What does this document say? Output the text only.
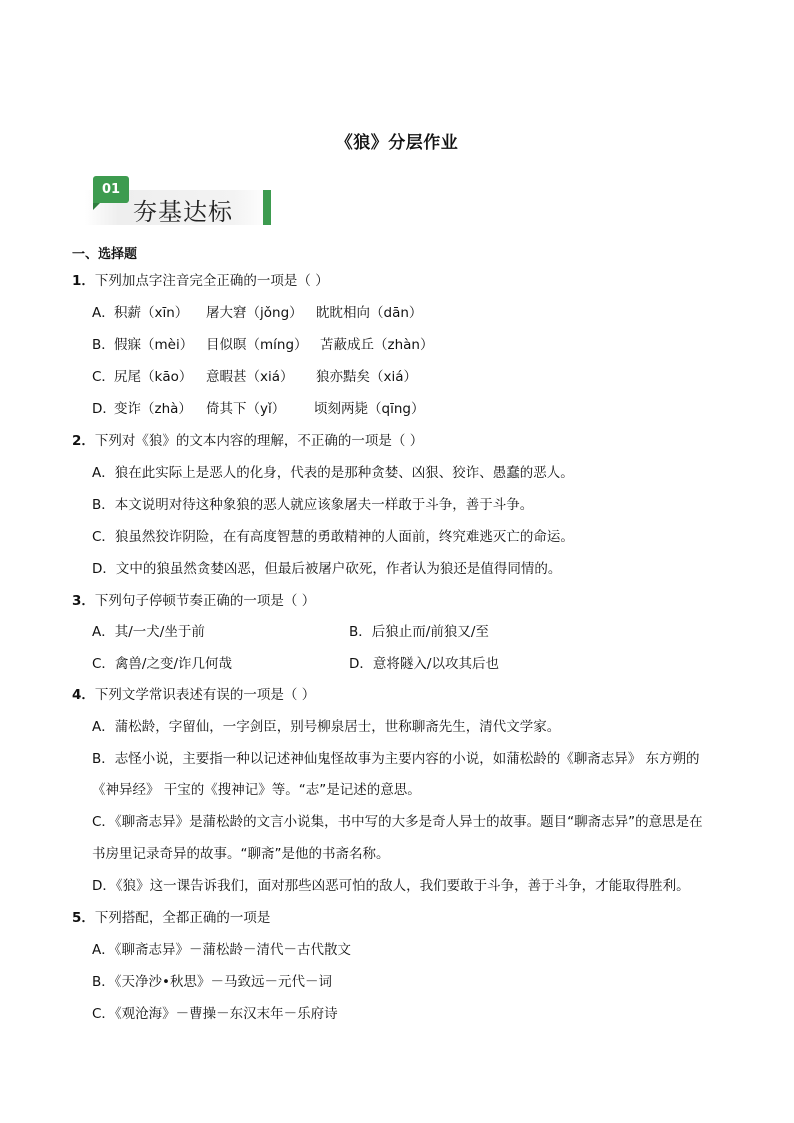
《狼》分层作业
01
夯基达标
一、选择题
1．下列加点字注音完全正确的一项是（ ）
A． 积薪（xīn） 屠大窘（jǒng） 眈眈相向（dān）
B． 假寐（mèi） 目似暝（míng） 苫蔽成丘（zhàn）
C． 尻尾（kāo） 意暇甚（xiá） 狼亦黠矣（xiá）
D．
变诈（zhà） 倚其下（yǐ） 顷刻两毙（qīng）
2．下列对《狼》的文本内容的理解，不正确的一项是（ ）
A．狼在此实际上是恶人的化身，代表的是那种贪婪、凶狠、狡诈、愚蠢的恶人。
B．本文说明对待这种象狼的恶人就应该象屠夫一样敢于斗争，善于斗争。
C．狼虽然狡诈阴险，在有高度智慧的勇敢精神的人面前，终究难逃灭亡的命运。
D．文中的狼虽然贪婪凶恶，但最后被屠户砍死，作者认为狼还是值得同情的。
3．下列句子停顿节奏正确的一项是（ ）
A．其/一犬/坐于前	B．后狼止而/前狼又/至
C．禽兽/之变/诈几何哉	D．意将隧入/以攻其后也
4．下列文学常识表述有误的一项是（ ）
A．蒲松龄，字留仙，一字剑臣，别号柳泉居士，世称聊斋先生，清代文学家。
B．志怪小说，主要指一种以记述神仙鬼怪故事为主要内容的小说，如蒲松龄的《聊斋志异》 东方朔的
《神异经》 干宝的《搜神记》等。“志”是记述的意思。
C．《聊斋志异》是蒲松龄的文言小说集，书中写的大多是奇人异士的故事。题目“聊斋志异”的意思是在
书房里记录奇异的故事。“聊斋”是他的书斋名称。
D．《狼》这一课告诉我们，面对那些凶恶可怕的敌人，我们要敢于斗争，善于斗争，才能取得胜利。
5．下列搭配，全都正确的一项是
A．《聊斋志异》－蒲松龄－清代－古代散文
B．《天净沙•秋思》－马致远－元代－词
C．《观沧海》－曹操－东汉末年－乐府诗
